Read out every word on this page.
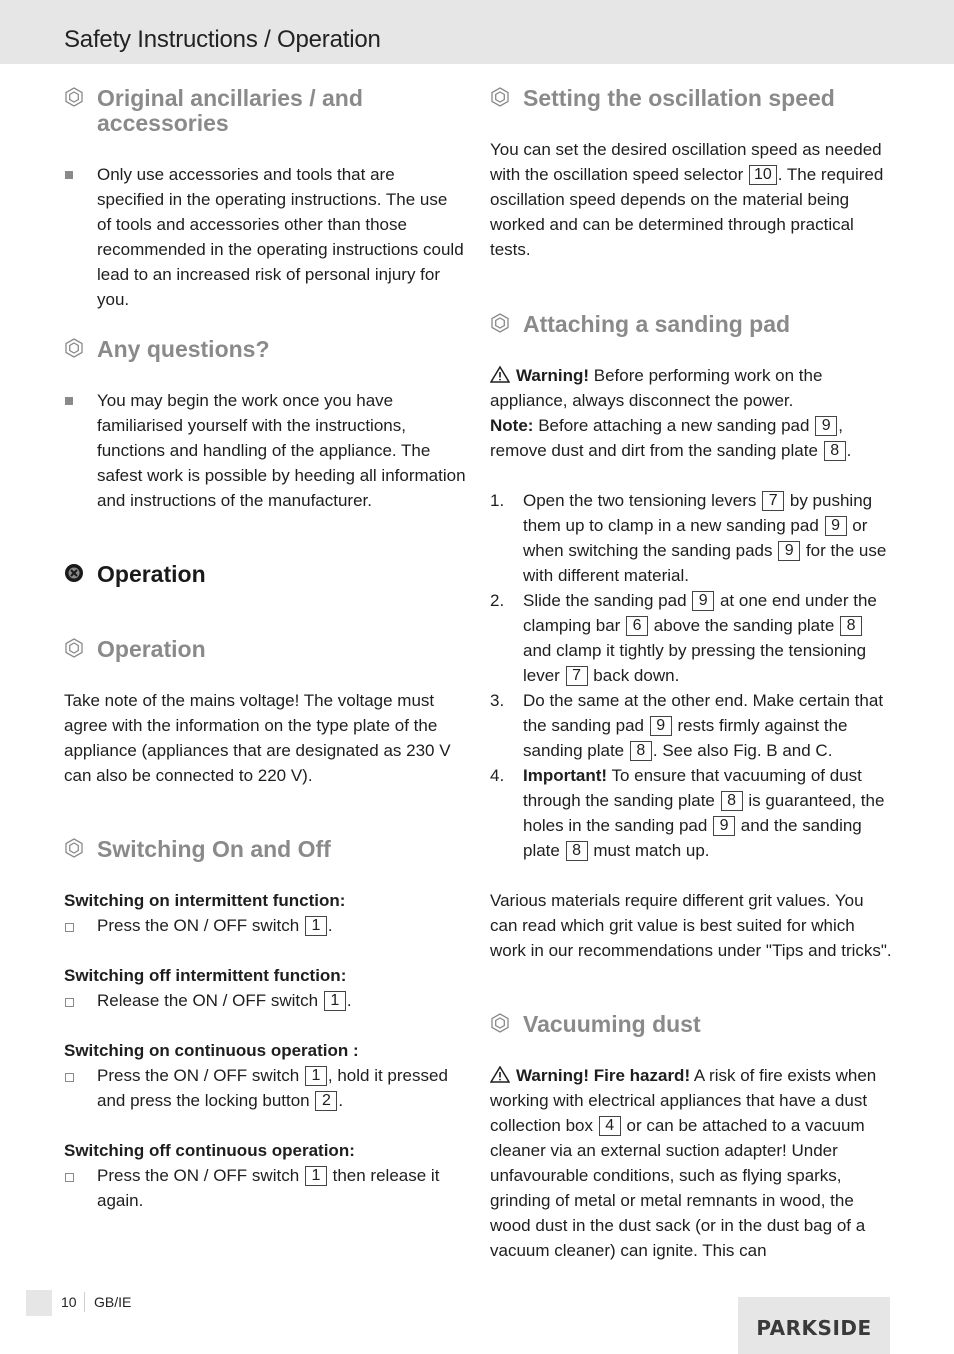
Safety Instructions / Operation
Original ancillaries / and accessories
Only use accessories and tools that are specified in the operating instructions. The use of tools and accessories other than those recommended in the operating instructions could lead to an increased risk of personal injury for you.
Any questions?
You may begin the work once you have familiarised yourself with the instructions, functions and handling of the appliance. The safest work is possible by heeding all information and instructions of the manufacturer.
Operation
Operation

Take note of the mains voltage! The voltage must agree with the information on the type plate of the appliance (appliances that are designated as 230 V can also be connected to 220 V).

Switching On and Off
Switching on intermittent function:
Press the ON / OFF switch 1 .
Switching off intermittent function:
Release the ON / OFF switch 1 .
Switching on continuous operation :
Press the ON / OFF switch 1 , hold it pressed and press the locking button 2 .
Switching off continuous operation:
Press the ON / OFF switch 1 then release it again.
Setting the oscillation speed

You can set the desired oscillation speed as needed with the oscillation speed selector 10 . The required oscillation speed depends on the material being worked and can be determined through practical tests.

Attaching a sanding pad

Warning! Before performing work on the appliance, always disconnect the power.

Note: Before attaching a new sanding pad 9 , remove dust and dirt from the sanding plate 8 .

1. Open the two tensioning levers 7 by pushing them up to clamp in a new sanding pad 9 or when switching the sanding pads 9 for the use with different material.
2. Slide the sanding pad 9 at one end under the clamping bar 6 above the sanding plate 8 and clamp it tightly by pressing the tensioning lever 7 back down.
3. Do the same at the other end. Make certain that the sanding pad 9 rests firmly against the sanding plate 8 . See also Fig. B and C.
4. Important! To ensure that vacuuming of dust through the sanding plate 8 is guaranteed, the holes in the sanding pad 9 and the sanding plate 8 must match up.

Various materials require different grit values. You can read which grit value is best suited for which work in our recommendations under "Tips and tricks".

Vacuuming dust

Warning! Fire hazard! A risk of fire exists when working with electrical appliances that have a dust collection box 4 or can be attached to a vacuum cleaner via an external suction adapter! Under unfavourable conditions, such as flying sparks, grinding of metal or metal remnants in wood, the wood dust in the dust sack (or in the dust bag of a vacuum cleaner) can ignite. This can

10 GB/IE
PARKSIDE
